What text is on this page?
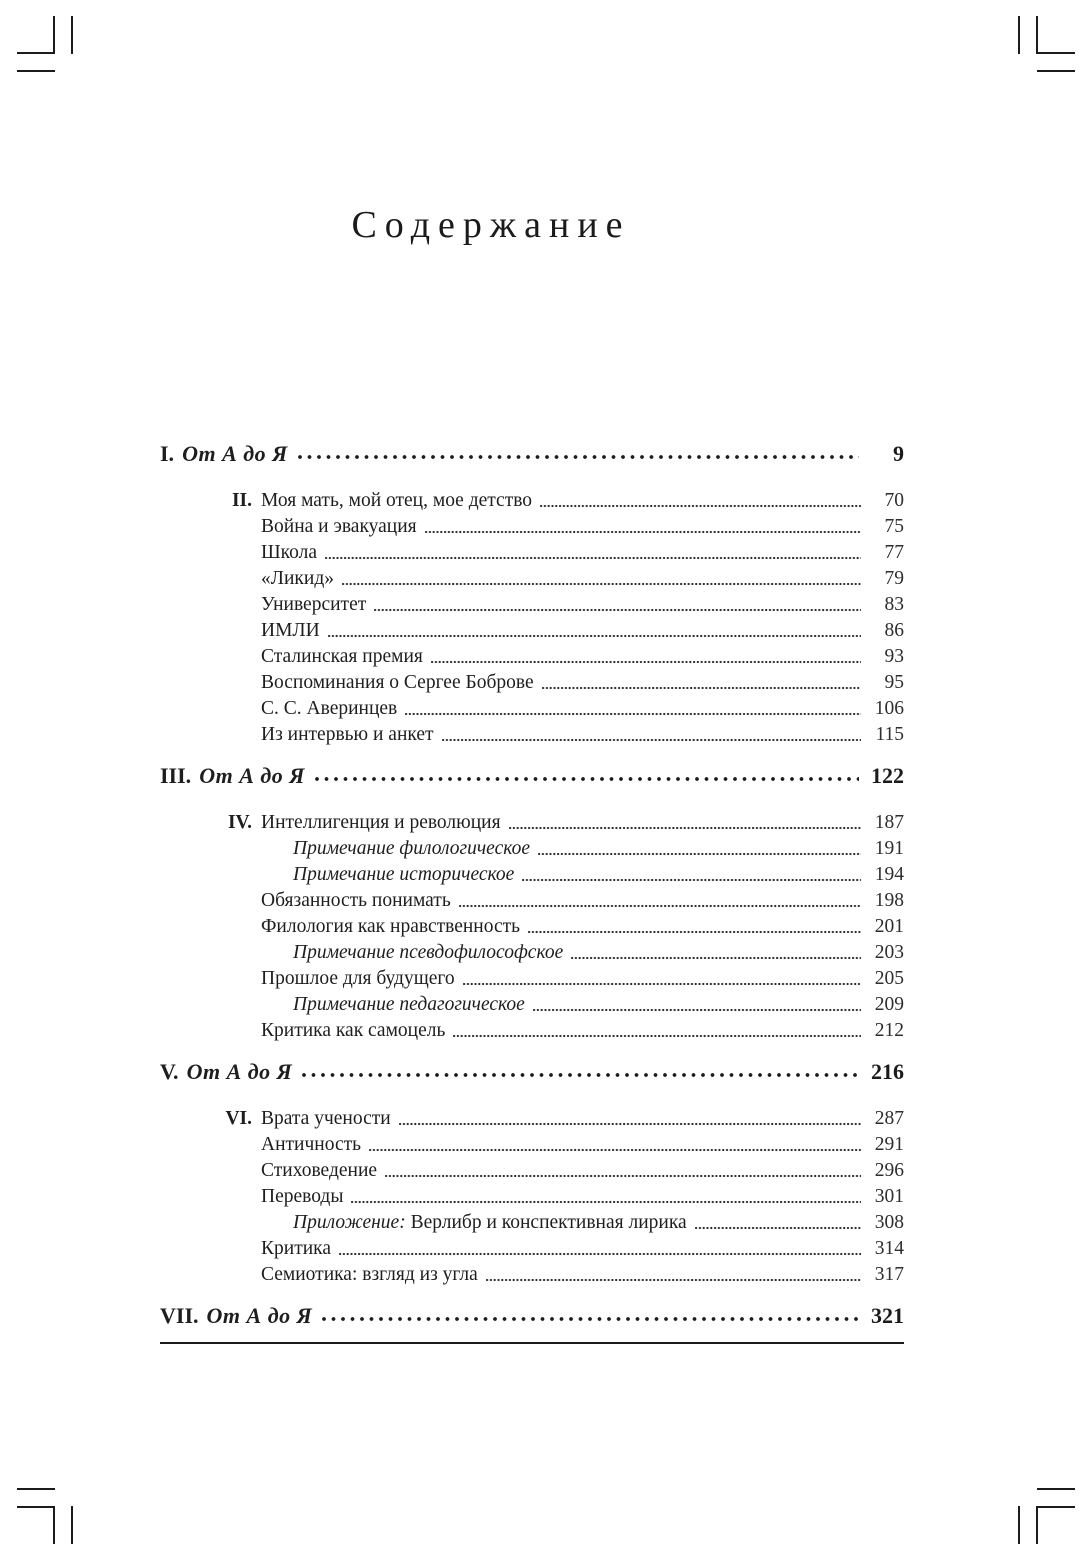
Содержание
I. От А до Я	9
II. Моя мать, мой отец, мое детство	70
Война и эвакуация	75
Школа	77
«Ликид»	79
Университет	83
ИМЛИ	86
Сталинская премия	93
Воспоминания о Сергее Боброве	95
С. С. Аверинцев	106
Из интервью и анкет	115
III. От А до Я	122
IV. Интеллигенция и революция	187
Примечание филологическое	191
Примечание историческое	194
Обязанность понимать	198
Филология как нравственность	201
Примечание псевдофилософское	203
Прошлое для будущего	205
Примечание педагогическое	209
Критика как самоцель	212
V. От А до Я	216
VI. Врата учености	287
Античность	291
Стиховедение	296
Переводы	301
Приложение: Верлибр и конспективная лирика	308
Критика	314
Семиотика: взгляд из угла	317
VII. От А до Я	321
